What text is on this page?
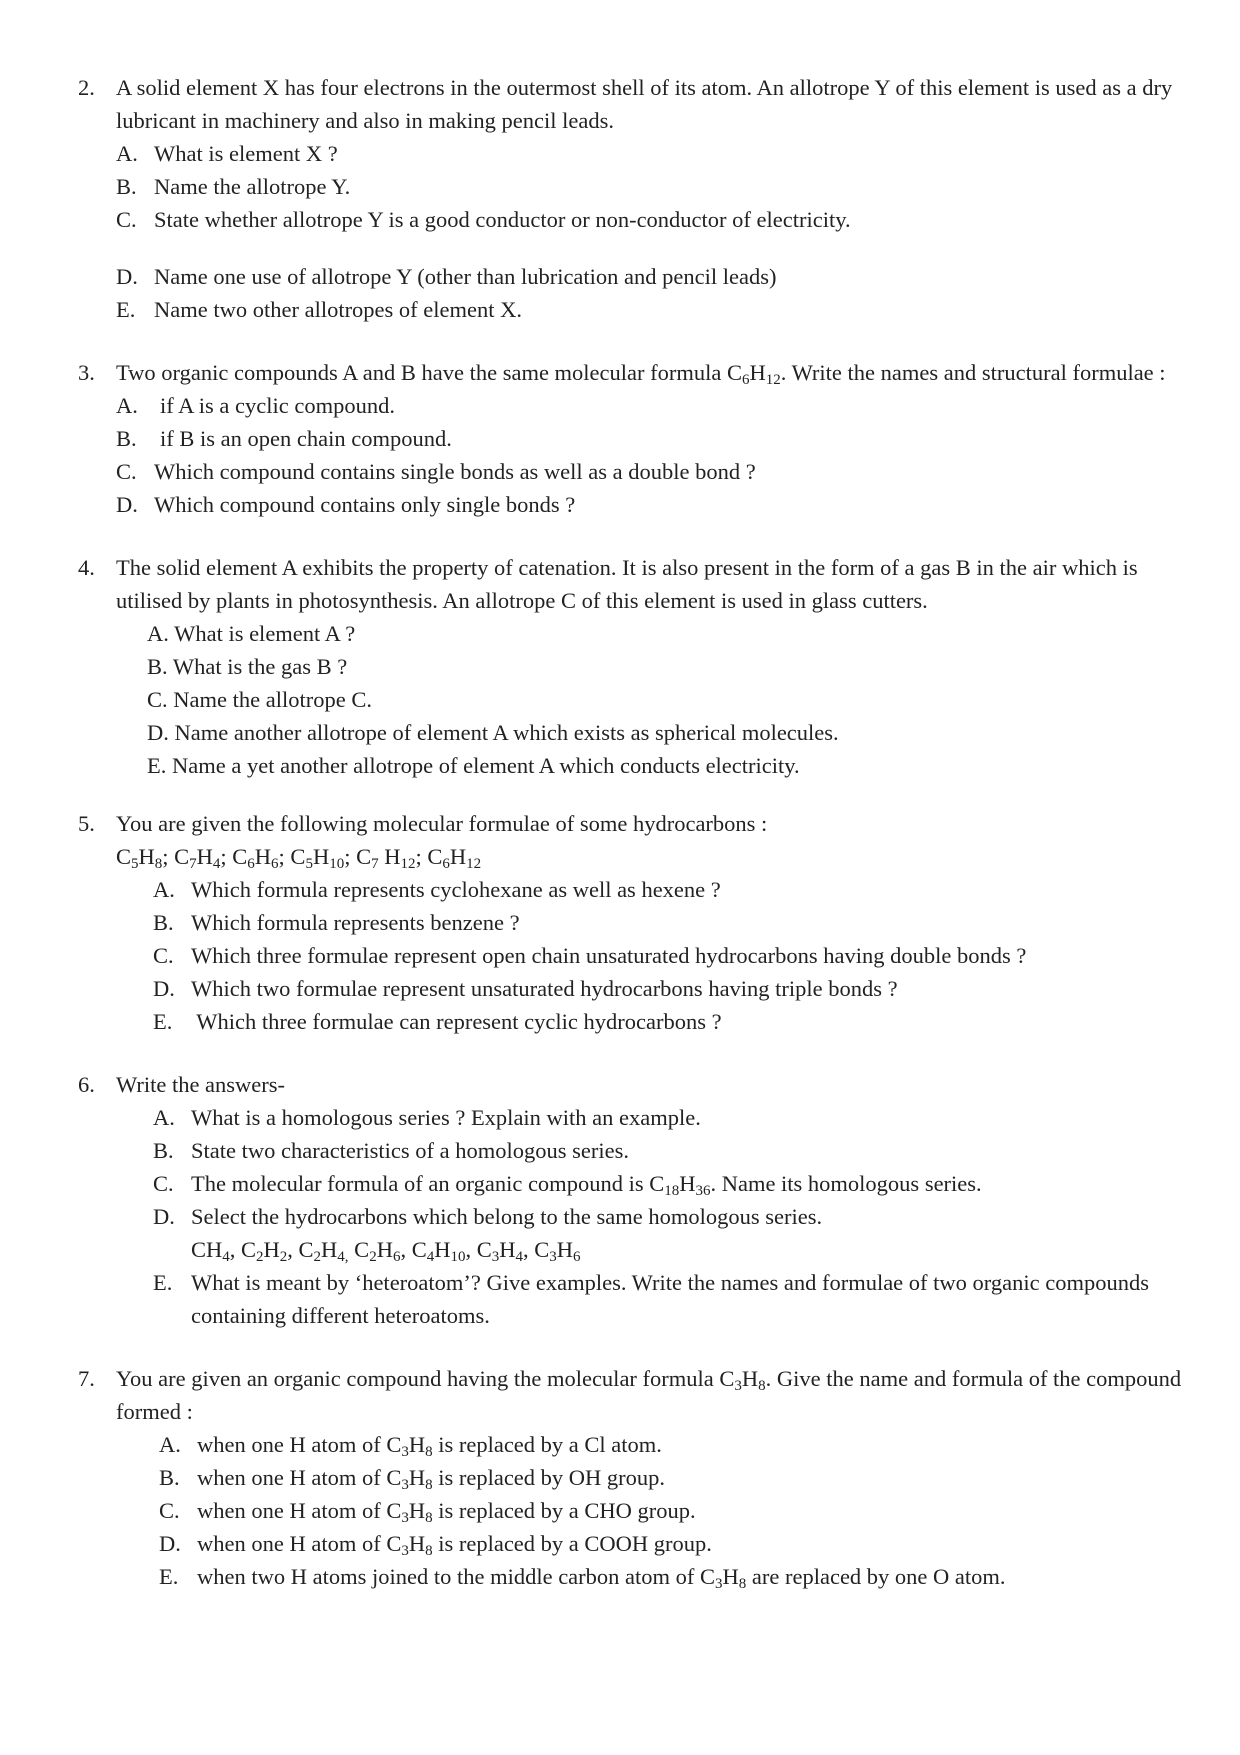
2. A solid element X has four electrons in the outermost shell of its atom. An allotrope Y of this element is used as a dry lubricant in machinery and also in making pencil leads.
A. What is element X ?
B. Name the allotrope Y.
C. State whether allotrope Y is a good conductor or non-conductor of electricity.
D. Name one use of allotrope Y (other than lubrication and pencil leads)
E. Name two other allotropes of element X.
3. Two organic compounds A and B have the same molecular formula $C_6H_{12}$. Write the names and structural formulae :
A. if A is a cyclic compound.
B. if B is an open chain compound.
C. Which compound contains single bonds as well as a double bond ?
D. Which compound contains only single bonds ?
4. The solid element A exhibits the property of catenation. It is also present in the form of a gas B in the air which is utilised by plants in photosynthesis. An allotrope C of this element is used in glass cutters.
A. What is element A ?
B. What is the gas B ?
C. Name the allotrope C.
D. Name another allotrope of element A which exists as spherical molecules.
E. Name a yet another allotrope of element A which conducts electricity.
5. You are given the following molecular formulae of some hydrocarbons :
$C_5H_8$; $C_7H_4$; $C_6H_6$; $C_5H_{10}$; $C_7$ $H_{12}$; $C_6H_{12}$
A. Which formula represents cyclohexane as well as hexene ?
B. Which formula represents benzene ?
C. Which three formulae represent open chain unsaturated hydrocarbons having double bonds ?
D. Which two formulae represent unsaturated hydrocarbons having triple bonds ?
E. Which three formulae can represent cyclic hydrocarbons ?
6. Write the answers-
A. What is a homologous series ? Explain with an example.
B. State two characteristics of a homologous series.
C. The molecular formula of an organic compound is $C_{18}H_{36}$. Name its homologous series.
D. Select the hydrocarbons which belong to the same homologous series.
$CH_4$, $C_2H_2$, $C_2H_{4,}$ $C_2H_6$, $C_4H_{10}$, $C_3H_4$, $C_3H_6$
E. What is meant by ‘heteroatom’? Give examples. Write the names and formulae of two organic compounds containing different heteroatoms.
7. You are given an organic compound having the molecular formula $C_3H_8$. Give the name and formula of the compound formed :
A. when one H atom of $C_3H_8$ is replaced by a Cl atom.
B. when one H atom of $C_3H_8$ is replaced by OH group.
C. when one H atom of $C_3H_8$ is replaced by a CHO group.
D. when one H atom of $C_3H_8$ is replaced by a COOH group.
E. when two H atoms joined to the middle carbon atom of $C_3H_8$ are replaced by one O atom.
